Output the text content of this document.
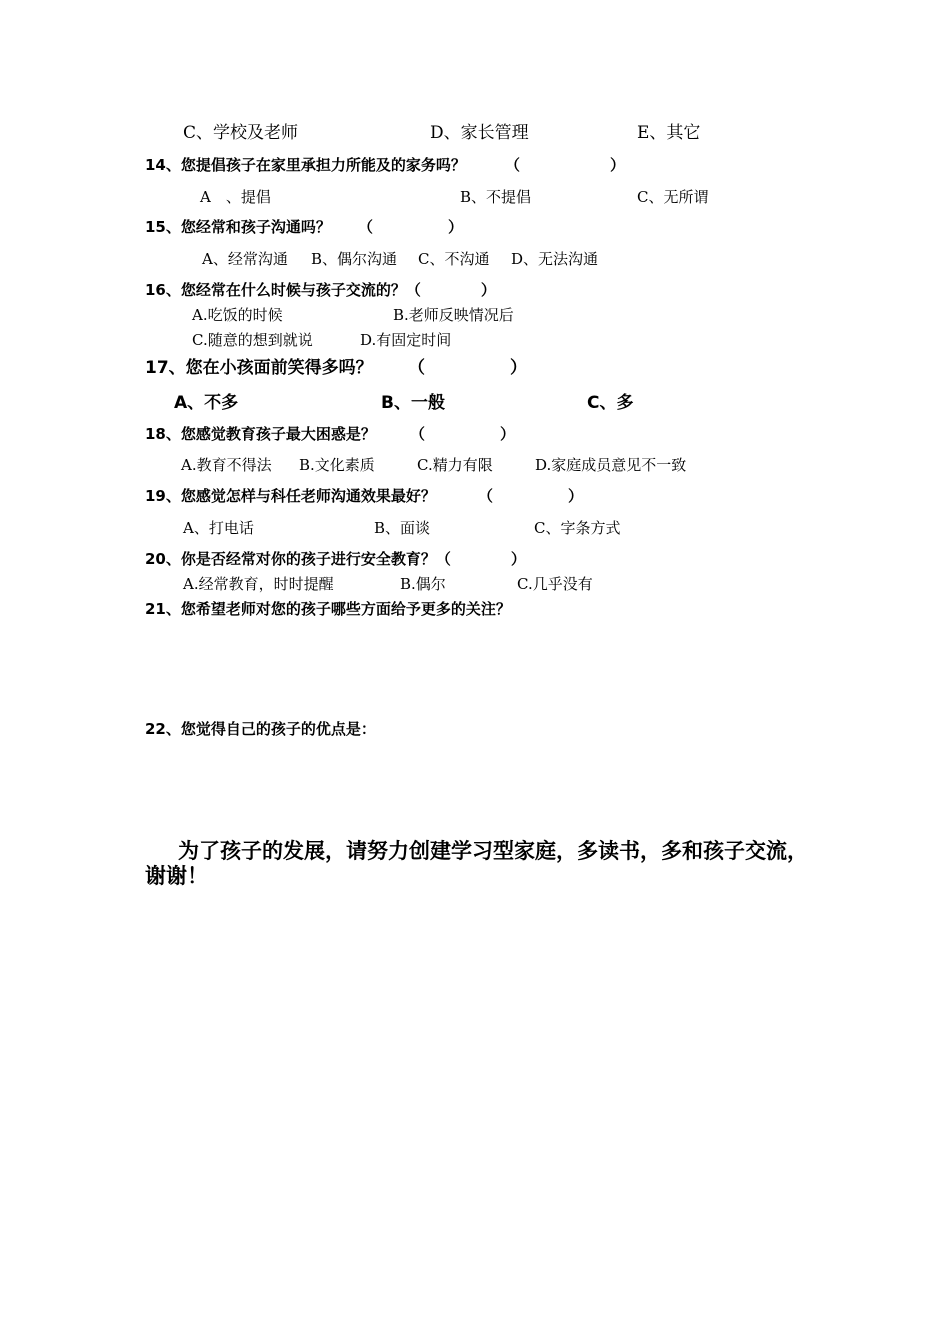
C、学校及老师	D、家长管理	E、其它
14、您提倡孩子在家里承担力所能及的家务吗？	（　　　　　　）
A　、提倡	B、不提倡	C、无所谓
15、您经常和孩子沟通吗？ （　　　　　）
A、经常沟通 B、偶尔沟通 C、不沟通 D、无法沟通
16、您经常在什么时候与孩子交流的？（　　　　）
A.吃饭的时候	B.老师反映情况后
C.随意的想到就说	D.有固定时间
17、您在小孩面前笑得多吗？ （　　　　　）
A、不多	B、一般	C、多
18、您感觉教育孩子最大困惑是？ （　　　　　）
A.教育不得法 B.文化素质	C.精力有限	D.家庭成员意见不一致
19、您感觉怎样与科任老师沟通效果最好？	（　　　　　）
A、打电话	B、面谈	C、字条方式
20、你是否经常对你的孩子进行安全教育？（　　　　）
A.经常教育，时时提醒	B.偶尔	C.几乎没有
21、您希望老师对您的孩子哪些方面给予更多的关注？
22、您觉得自己的孩子的优点是：
为了孩子的发展，请努力创建学习型家庭，多读书，多和孩子交流，
谢谢！
